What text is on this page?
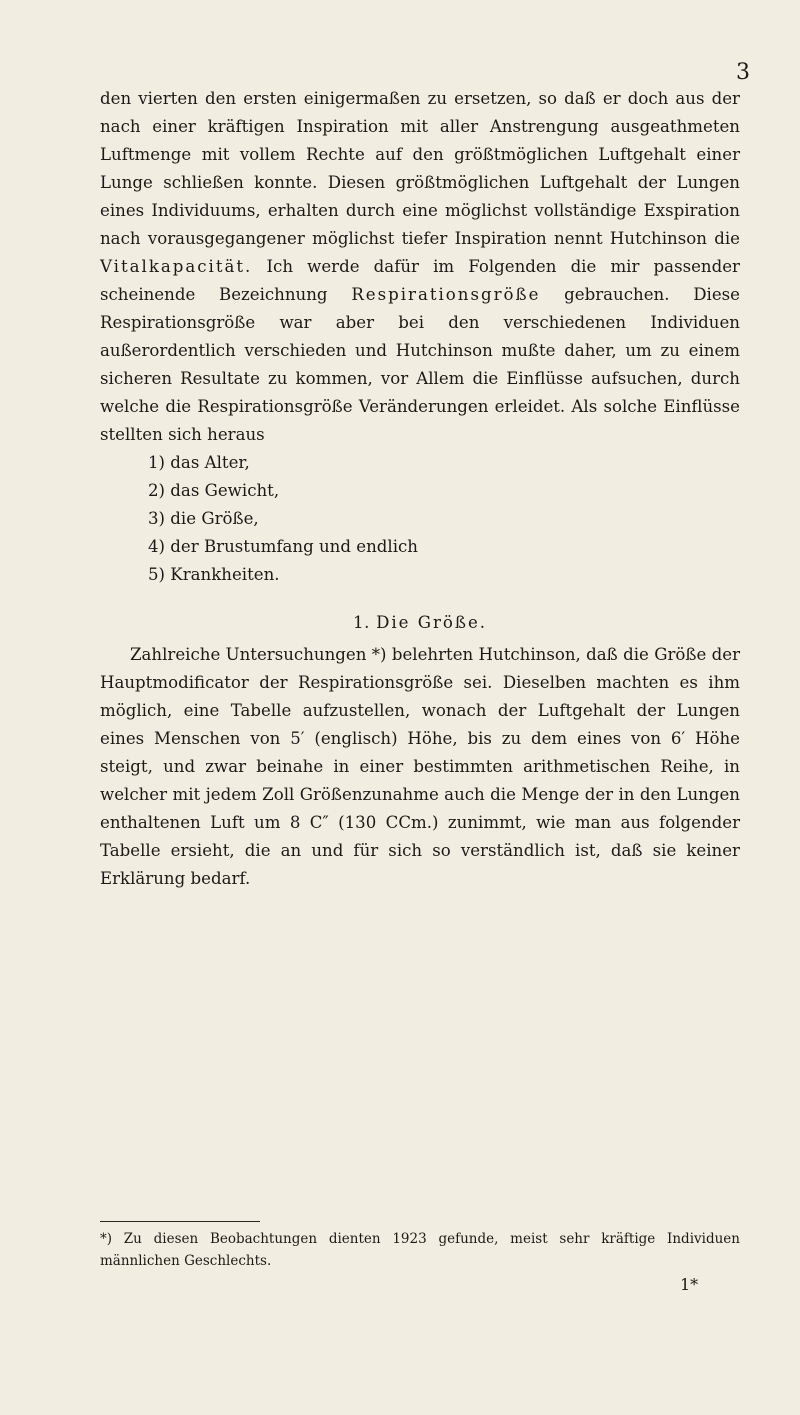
3

den vierten den ersten einigermaßen zu ersetzen, so daß er doch aus der nach einer kräftigen Inspiration mit aller Anstrengung ausgeathmeten Luftmenge mit vollem Rechte auf den größtmöglichen Luftgehalt einer Lunge schließen konnte. Diesen größtmöglichen Luftgehalt der Lungen eines Individuums, erhalten durch eine möglichst vollständige Exspiration nach vorausgegangener möglichst tiefer Inspiration nennt Hutchinson die Vitalkapacität. Ich werde dafür im Folgenden die mir passender scheinende Bezeichnung Respirationsgröße gebrauchen. Diese Respirationsgröße war aber bei den verschiedenen Individuen außerordentlich verschieden und Hutchinson mußte daher, um zu einem sicheren Resultate zu kommen, vor Allem die Einflüsse aufsuchen, durch welche die Respirationsgröße Veränderungen erleidet. Als solche Einflüsse stellten sich heraus

1) das Alter,
2) das Gewicht,
3) die Größe,
4) der Brustumfang und endlich
5) Krankheiten.
1. Die Größe.

Zahlreiche Untersuchungen *) belehrten Hutchinson, daß die Größe der Hauptmodificator der Respirationsgröße sei. Dieselben machten es ihm möglich, eine Tabelle aufzustellen, wonach der Luftgehalt der Lungen eines Menschen von 5′ (englisch) Höhe, bis zu dem eines von 6′ Höhe steigt, und zwar beinahe in einer bestimmten arithmetischen Reihe, in welcher mit jedem Zoll Größenzunahme auch die Menge der in den Lungen enthaltenen Luft um 8 C″ (130 CCm.) zunimmt, wie man aus folgender Tabelle ersieht, die an und für sich so verständlich ist, daß sie keiner Erklärung bedarf.

*) Zu diesen Beobachtungen dienten 1923 gefunde, meist sehr kräftige Individuen männlichen Geschlechts.
1*
